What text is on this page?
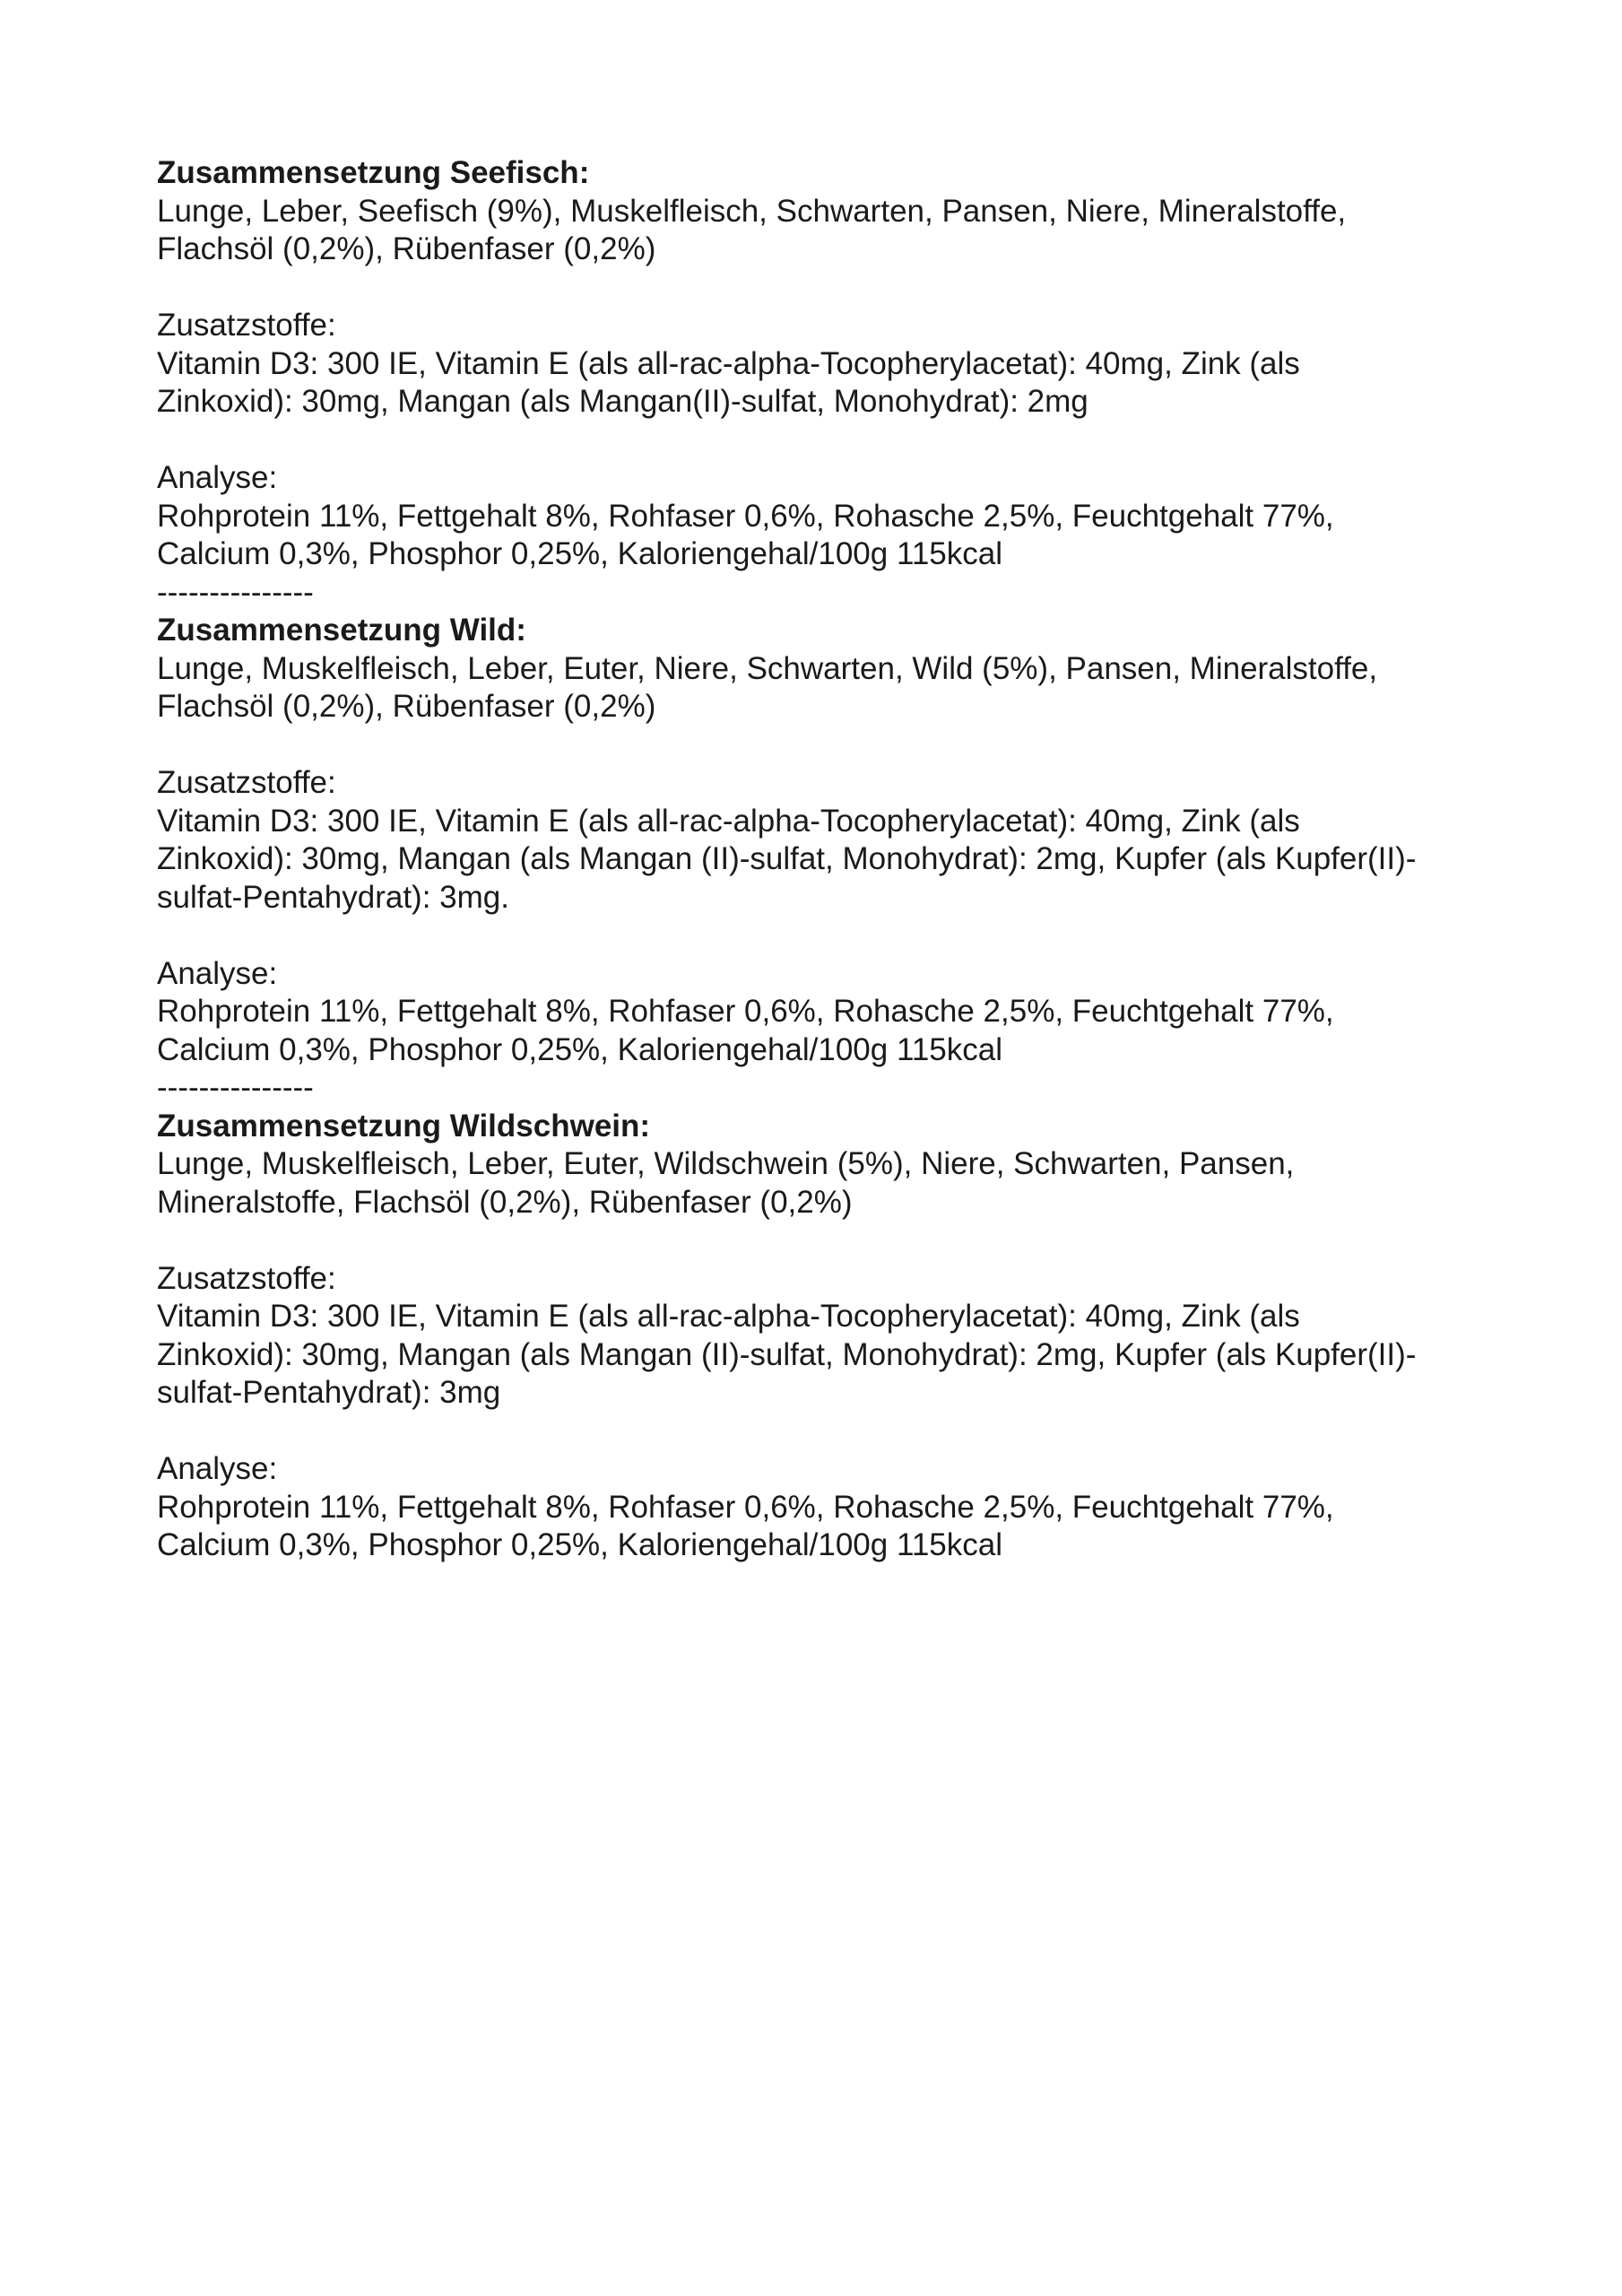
Zusammensetzung Seefisch:
Lunge, Leber, Seefisch (9%), Muskelfleisch, Schwarten, Pansen, Niere, Mineralstoffe,
Flachsöl (0,2%), Rübenfaser (0,2%)
Zusatzstoffe:
Vitamin D3: 300 IE, Vitamin E (als all-rac-alpha-Tocopherylacetat): 40mg, Zink (als
Zinkoxid): 30mg, Mangan (als Mangan(II)-sulfat, Monohydrat): 2mg
Analyse:
Rohprotein 11%, Fettgehalt 8%, Rohfaser 0,6%, Rohasche 2,5%, Feuchtgehalt 77%,
Calcium 0,3%, Phosphor 0,25%, Kaloriengehal/100g 115kcal
---------------
Zusammensetzung Wild:
Lunge, Muskelfleisch, Leber, Euter, Niere, Schwarten, Wild (5%), Pansen, Mineralstoffe,
Flachsöl (0,2%), Rübenfaser (0,2%)
Zusatzstoffe:
Vitamin D3: 300 IE, Vitamin E (als all-rac-alpha-Tocopherylacetat): 40mg, Zink (als
Zinkoxid): 30mg, Mangan (als Mangan (II)-sulfat, Monohydrat): 2mg, Kupfer (als Kupfer(II)-
sulfat-Pentahydrat): 3mg.
Analyse:
Rohprotein 11%, Fettgehalt 8%, Rohfaser 0,6%, Rohasche 2,5%, Feuchtgehalt 77%,
Calcium 0,3%, Phosphor 0,25%, Kaloriengehal/100g 115kcal
---------------
Zusammensetzung Wildschwein:
Lunge, Muskelfleisch, Leber, Euter, Wildschwein (5%), Niere, Schwarten, Pansen,
Mineralstoffe, Flachsöl (0,2%), Rübenfaser (0,2%)
Zusatzstoffe:
Vitamin D3: 300 IE, Vitamin E (als all-rac-alpha-Tocopherylacetat): 40mg, Zink (als
Zinkoxid): 30mg, Mangan (als Mangan (II)-sulfat, Monohydrat): 2mg, Kupfer (als Kupfer(II)-
sulfat-Pentahydrat): 3mg
Analyse:
Rohprotein 11%, Fettgehalt 8%, Rohfaser 0,6%, Rohasche 2,5%, Feuchtgehalt 77%,
Calcium 0,3%, Phosphor 0,25%, Kaloriengehal/100g 115kcal
